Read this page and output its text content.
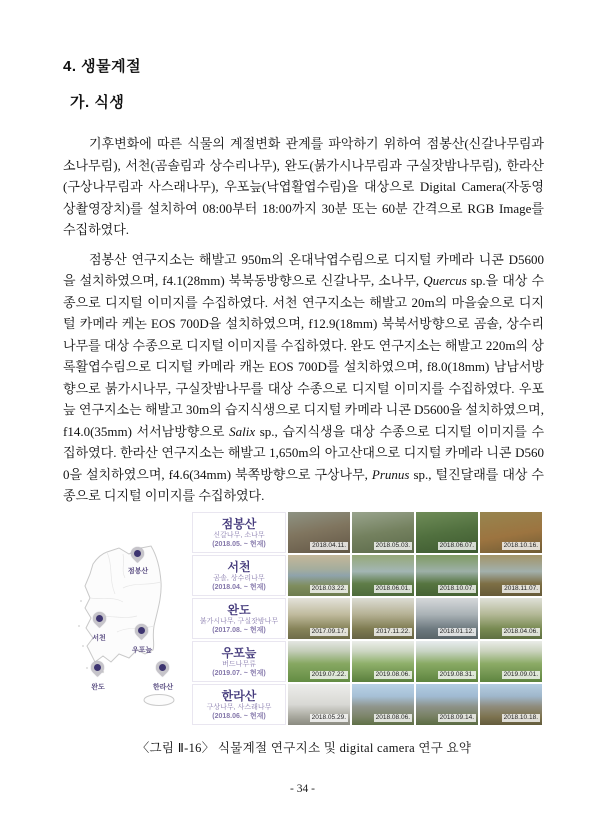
4. 생물계절
가. 식생

기후변화에 따른 식물의 계절변화 관계를 파악하기 위하여 점봉산(신갈나무림과 소나무림), 서천(곰솔림과 상수리나무), 완도(붉가시나무림과 구실잣밤나무림), 한라산(구상나무림과 사스래나무), 우포늪(낙엽활엽수림)을 대상으로 Digital Camera(자동영상촬영장치)를 설치하여 08:00부터 18:00까지 30분 또는 60분 간격으로 RGB Image를 수집하였다.

점봉산 연구지소는 해발고 950m의 온대낙엽수림으로 디지털 카메라 니콘 D5600을 설치하였으며, f4.1(28mm) 북북동방향으로 신갈나무, 소나무, Quercus sp.을 대상 수종으로 디지털 이미지를 수집하였다. 서천 연구지소는 해발고 20m의 마을숲으로 디지털 카메라 케논 EOS 700D을 설치하였으며, f12.9(18mm) 북북서방향으로 곰솔, 상수리나무를 대상 수종으로 디지털 이미지를 수집하였다. 완도 연구지소는 해발고 220m의 상록활엽수림으로 디지털 카메라 캐논 EOS 700D를 설치하였으며, f8.0(18mm) 남남서방향으로 붉가시나무, 구실잣밤나무를 대상 수종으로 디지털 이미지를 수집하였다. 우포늪 연구지소는 해발고 30m의 습지식생으로 디지털 카메라 니콘 D5600을 설치하였으며, f14.0(35mm) 서서남방향으로 Salix sp., 습지식생을 대상 수종으로 디지털 이미지를 수집하였다. 한라산 연구지소는 해발고 1,650m의 아고산대으로 디지털 카메라 니콘 D5600을 설치하였으며, f4.6(34mm) 북쪽방향으로 구상나무, Prunus sp., 털진달래를 대상 수종으로 디지털 이미지를 수집하였다.

점봉산
서천
우포늪
완도	한라산
점봉산
신갈나무, 소나무
(2018.05. ~ 현재)	2018.04.11.	2018.05.03.	2018.06.07.	2018.10.16.
서천
곰솔, 상수리나무
(2018.04. ~ 현재)	2018.03.22.	2018.06.01.	2018.10.07.	2018.11.07.
완도
붉가시나무, 구실잣밤나무
(2017.08. ~ 현재)	2017.09.17.	2017.11.22.	2018.01.12.	2018.04.06.
우포늪
버드나무류
(2019.07. ~ 현재)	2019.07.22.	2019.08.06.	2019.08.31.	2019.09.01.
한라산
구상나무, 사스래나무
(2018.06. ~ 현재)	2018.05.29.	2018.08.06.	2018.09.14.	2018.10.18.
〈그림 Ⅱ-16〉 식물계절 연구지소 및 digital camera 연구 요약
- 34 -
